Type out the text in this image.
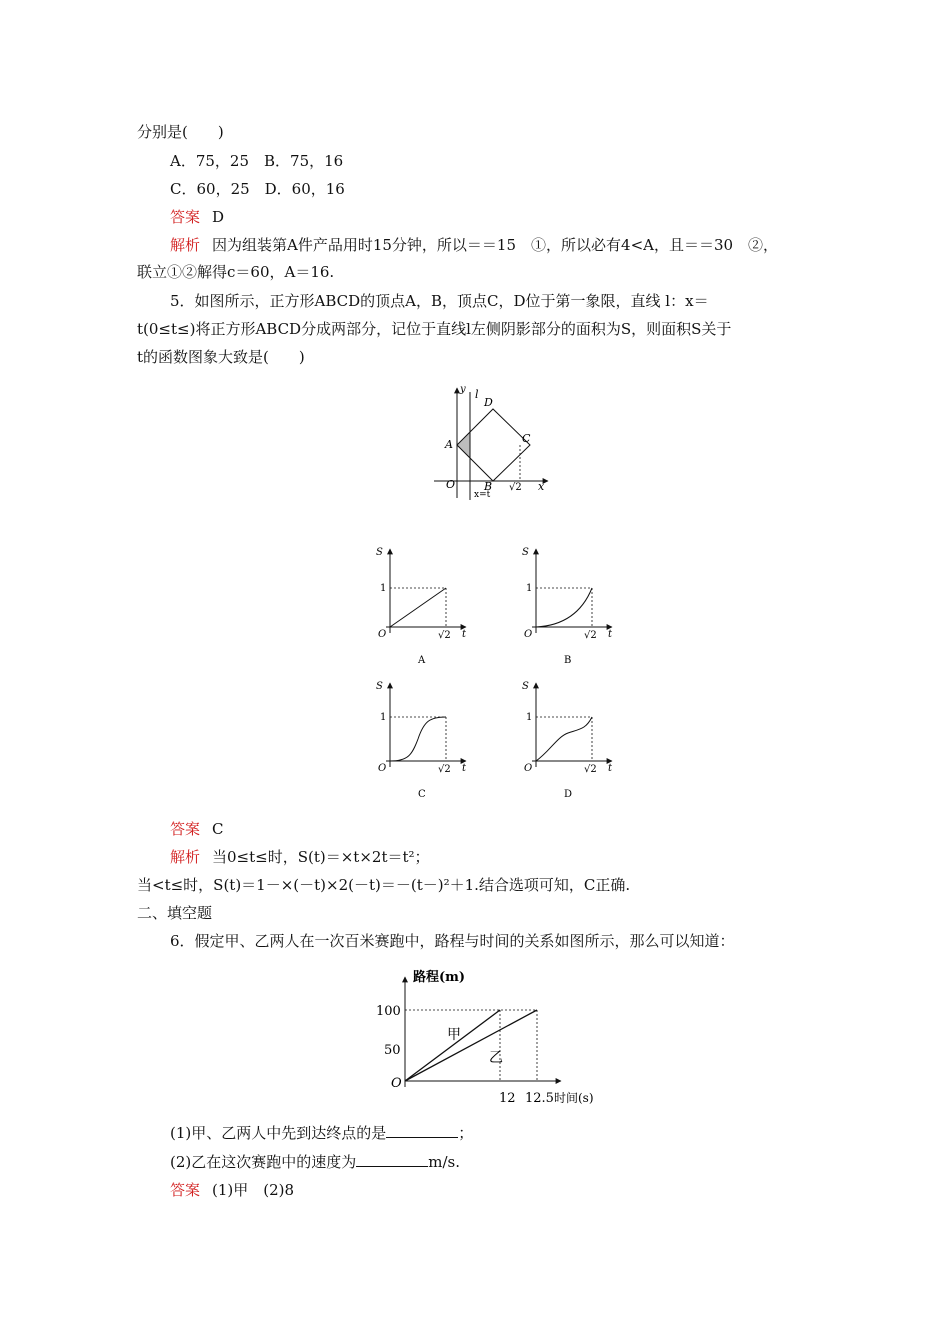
分别是(　　)
A．75，25　B．75，16
C．60，25　D．60，16
答案 D
解析 因为组装第A件产品用时15分钟，所以＝＝15　①，所以必有4<A，且＝＝30　②，
联立①②解得c＝60，A＝16.
5．如图所示，正方形ABCD的顶点A，B，顶点C，D位于第一象限，直线 l：x＝
t(0≤t≤)将正方形ABCD分成两部分，记位于直线l左侧阴影部分的面积为S，则面积S关于
t的函数图象大致是(　　)
y l
D
C
A
O	B √2 x
x=t
S
1
O	√2 t
A
S
1
O	√2 t
B
S
1
O	√2 t
C
S
1
O	√2 t
D
答案 C
解析 当0≤t≤时，S(t)＝×t×2t＝t²；
当<t≤时，S(t)＝1－×(－t)×2(－t)＝－(t－)²＋1.结合选项可知，C正确.
二、填空题
6．假定甲、乙两人在一次百米赛跑中，路程与时间的关系如图所示，那么可以知道：
路程(m)
时间(s)
100
50
O
12 12.5
甲
乙
(1)甲、乙两人中先到达终点的是	；
(2)乙在这次赛跑中的速度为	m/s.
答案 (1)甲　(2)8
